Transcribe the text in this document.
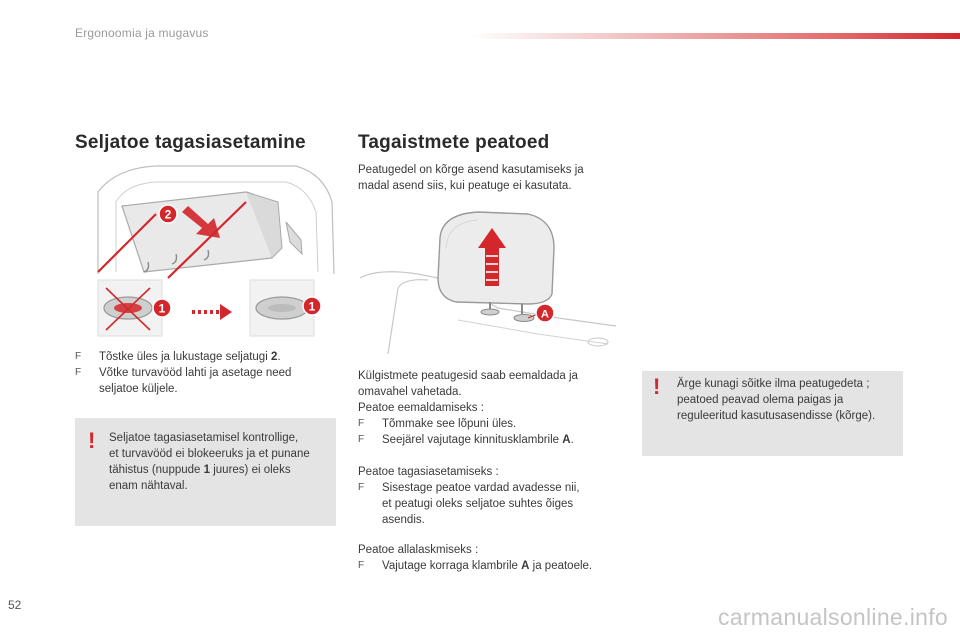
Ergonoomia ja mugavus
Seljatoe tagasiasetamine
2
1	1
F Tõstke üles ja lukustage seljatugi 2.
F Võtke turvavööd lahti ja asetage need
seljatoe küljele.
! Seljatoe tagasiasetamisel kontrollige,
et turvavööd ei blokeeruks ja et punane
tähistus (nuppude 1 juures) ei oleks
enam nähtaval.
Tagaistmete peatoed
Peatugedel on kõrge asend kasutamiseks ja
madal asend siis, kui peatuge ei kasutata.
A
Külgistmete peatugesid saab eemaldada ja
omavahel vahetada.
Peatoe eemaldamiseks :
F Tõmmake see lõpuni üles.
F Seejärel vajutage kinnitusklambrile A.
Peatoe tagasiasetamiseks :
F Sisestage peatoe vardad avadesse nii,
et peatugi oleks seljatoe suhtes õiges
asendis.
Peatoe allalaskmiseks :
F Vajutage korraga klambrile A ja peatoele.
! Ärge kunagi sõitke ilma peatugedeta ;
peatoed peavad olema paigas ja
reguleeritud kasutusasendisse (kõrge).
52	carmanualsonline.info
